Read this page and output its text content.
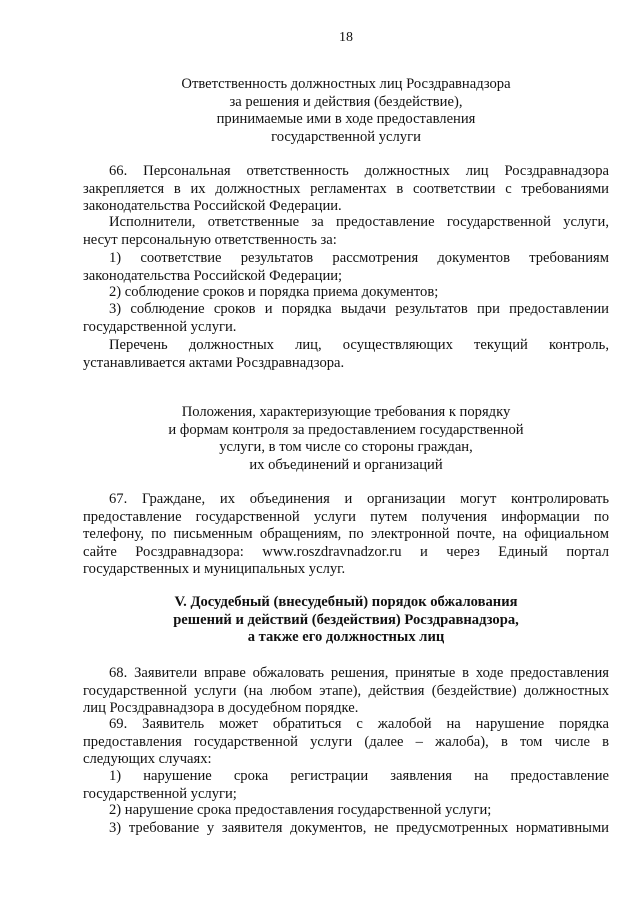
18
Ответственность должностных лиц Росздравнадзора
за решения и действия (бездействие),
принимаемые ими в ходе предоставления
государственной услуги
66. Персональная ответственность должностных лиц Росздравнадзора
закрепляется в их должностных регламентах в соответствии с требованиями
законодательства Российской Федерации.
Исполнители, ответственные за предоставление государственной услуги,
несут персональную ответственность за:
1) соответствие результатов рассмотрения документов требованиям
законодательства Российской Федерации;
2) соблюдение сроков и порядка приема документов;
3) соблюдение сроков и порядка выдачи результатов при предоставлении
государственной услуги.
Перечень должностных лиц, осуществляющих текущий контроль,
устанавливается актами Росздравнадзора.
Положения, характеризующие требования к порядку
и формам контроля за предоставлением государственной
услуги, в том числе со стороны граждан,
их объединений и организаций
67. Граждане, их объединения и организации могут контролировать
предоставление государственной услуги путем получения информации по
телефону, по письменным обращениям, по электронной почте, на официальном
сайте Росздравнадзора: www.roszdravnadzor.ru и через Единый портал
государственных и муниципальных услуг.
V. Досудебный (внесудебный) порядок обжалования
решений и действий (бездействия) Росздравнадзора,
а также его должностных лиц
68. Заявители вправе обжаловать решения, принятые в ходе предоставления
государственной услуги (на любом этапе), действия (бездействие) должностных
лиц Росздравнадзора в досудебном порядке.
69. Заявитель может обратиться с жалобой на нарушение порядка
предоставления государственной услуги (далее – жалоба), в том числе в
следующих случаях:
1) нарушение срока регистрации заявления на предоставление
государственной услуги;
2) нарушение срока предоставления государственной услуги;
3) требование у заявителя документов, не предусмотренных нормативными
